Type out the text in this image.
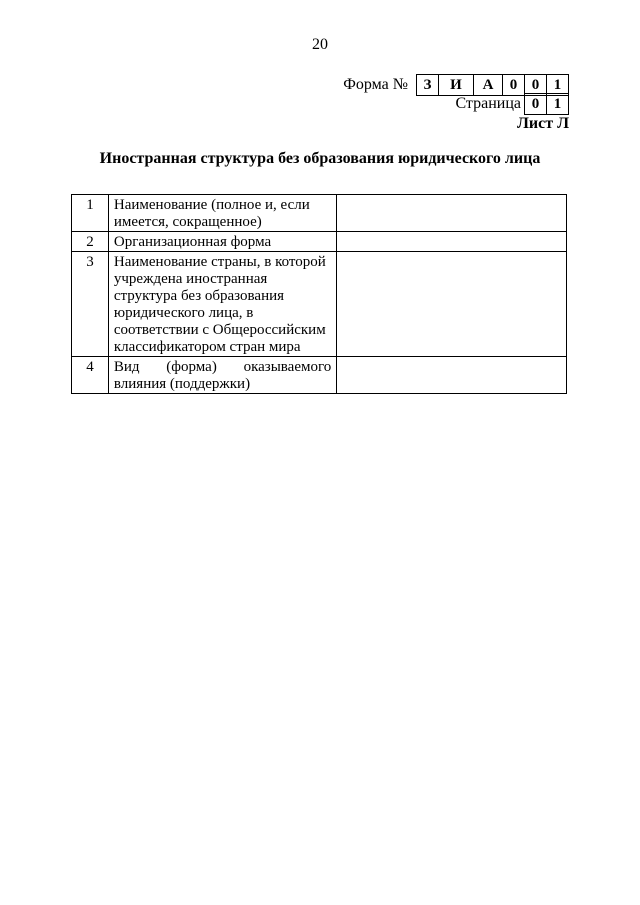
20
Форма №	З	И	А	0 0 1
Страница 0 1
Лист Л
Иностранная структура без образования юридического лица
1	Наименование (полное и, если имеется, сокращенное)	
2	Организационная форма	
3	Наименование страны, в которой учреждена иностранная структура без образования юридического лица, в соответствии с Общероссийским классификатором стран мира	
4	Вид (форма) оказываемого влияния (поддержки)	
